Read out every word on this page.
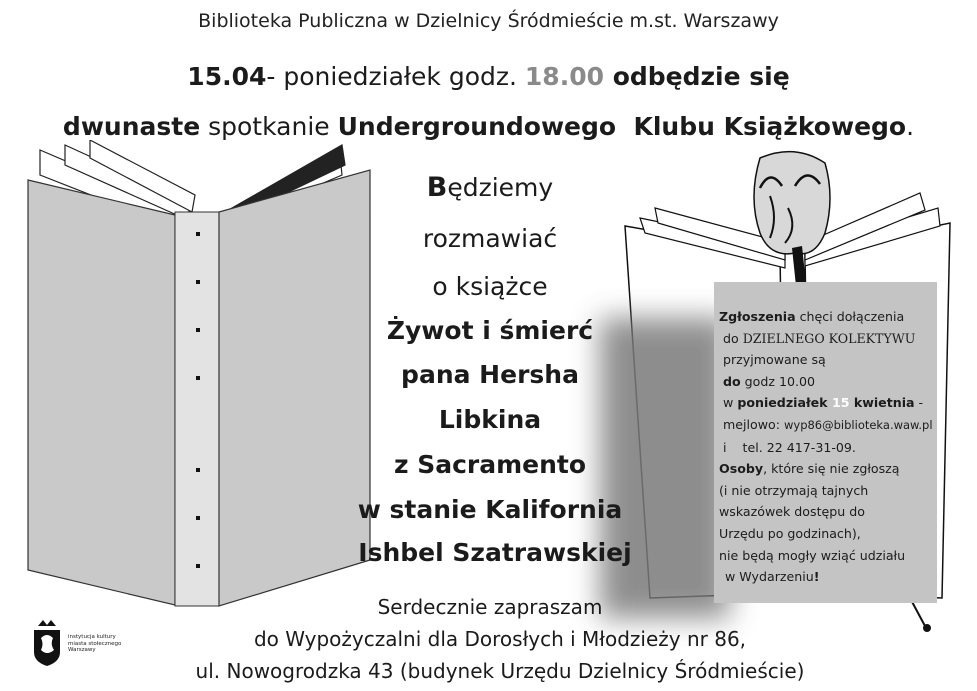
Biblioteka Publiczna w Dzielnicy Śródmieście m.st. Warszawy
15.04- poniedziałek godz. 18.00 odbędzie się
dwunaste spotkanie Undergroundowego  Klubu Książkowego.

Zgłoszenia chęci dołączenia

do DZIELNEGO KOLEKTYWU

przyjmowane są

do godz 10.00

w poniedziałek 15 kwietnia -

mejlowo: wyp86@biblioteka.waw.pl

i    tel. 22 417-31-09.

Osoby, które się nie zgłoszą

(i nie otrzymają tajnych

wskazówek dostępu do

Urzędu po godzinach),

nie będą mogły wziąć udziału

w Wydarzeniu!

Będziemy
rozmawiać
o książce
Żywot i śmierć
pana Hersha
Libkina
z Sacramento
w stanie Kalifornia
Ishbel Szatrawskiej
Serdecznie zapraszam
do Wypożyczalni dla Dorosłych i Młodzieży nr 86,
ul. Nowogrodzka 43 (budynek Urzędu Dzielnicy Śródmieście)
instytucja kultury
miasta stołecznego
Warszawy
